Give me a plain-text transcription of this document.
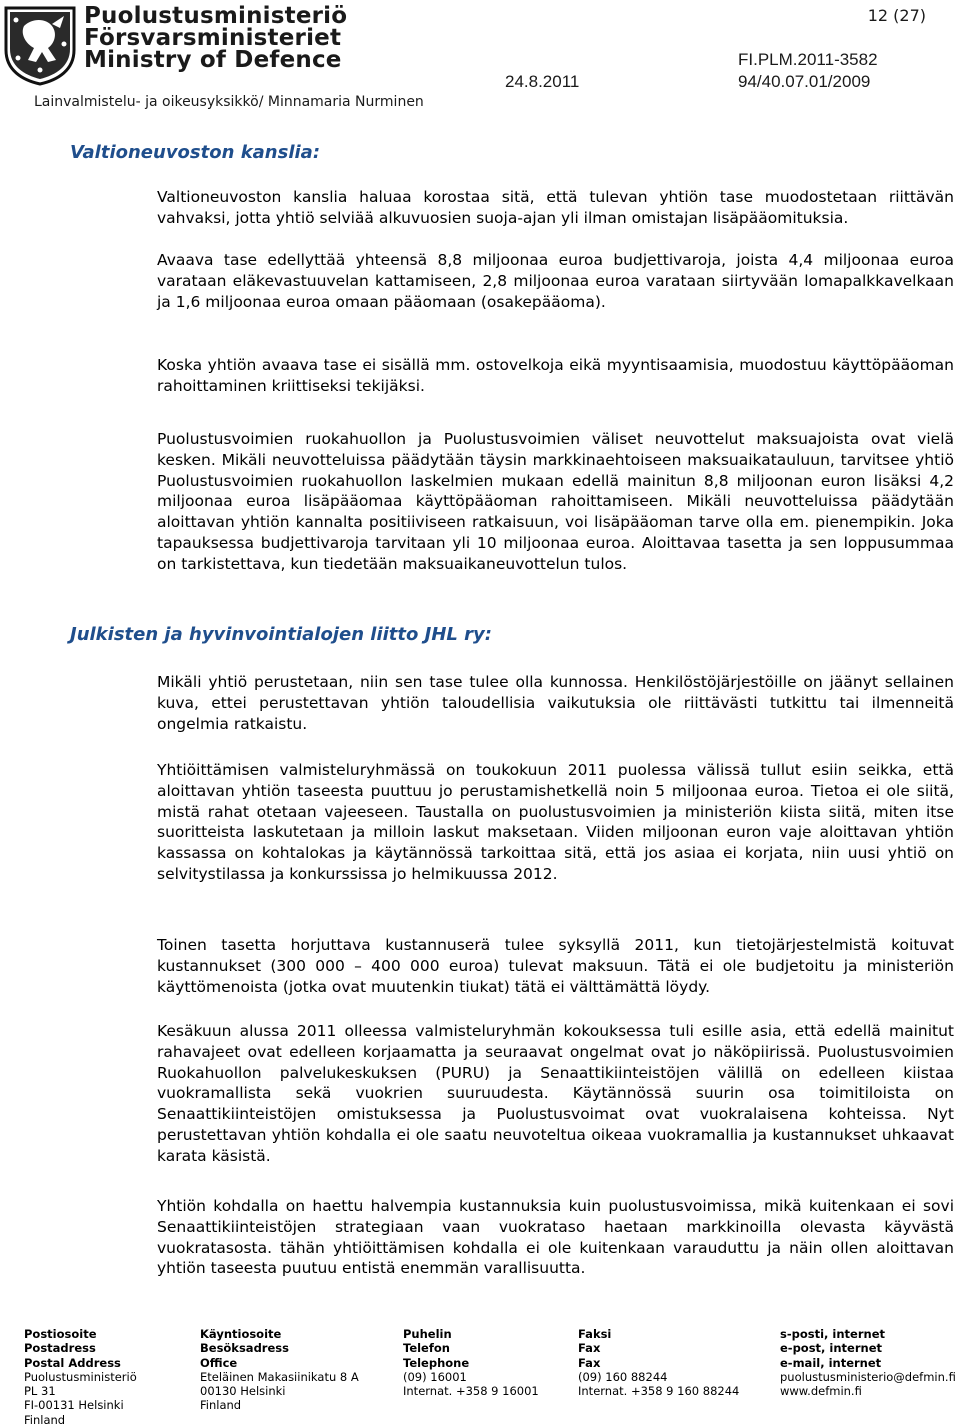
Puolustusministeriö
Försvarsministeriet
Ministry of Defence
12 (27)
FI.PLM.2011-3582
24.8.2011	94/40.07.01/2009
Lainvalmistelu- ja oikeusyksikkö/ Minnamaria Nurminen
Valtioneuvoston kanslia:

Valtioneuvoston kanslia haluaa korostaa sitä, että tulevan yhtiön tase muodostetaan riittävän vahvaksi, jotta yhtiö selviää alkuvuosien suoja-ajan yli ilman omistajan lisäpääomituksia.

Avaava tase edellyttää yhteensä 8,8 miljoonaa euroa budjettivaroja, joista 4,4 miljoonaa euroa varataan eläkevastuuvelan kattamiseen, 2,8 miljoonaa euroa varataan siirtyvään lomapalkkavelkaan ja 1,6 miljoonaa euroa omaan pääomaan (osakepääoma).

Koska yhtiön avaava tase ei sisällä mm. ostovelkoja eikä myyntisaamisia, muodostuu käyttöpääoman rahoittaminen kriittiseksi tekijäksi.

Puolustusvoimien ruokahuollon ja Puolustusvoimien väliset neuvottelut maksuajoista ovat vielä kesken. Mikäli neuvotteluissa päädytään täysin markkinaehtoiseen maksuaikatauluun, tarvitsee yhtiö Puolustusvoimien ruokahuollon laskelmien mukaan edellä mainitun 8,8 miljoonan euron lisäksi 4,2 miljoonaa euroa lisäpääomaa käyttöpääoman rahoittamiseen. Mikäli neuvotteluissa päädytään aloittavan yhtiön kannalta positiiviseen ratkaisuun, voi lisäpääoman tarve olla em. pienempikin. Joka tapauksessa budjettivaroja tarvitaan yli 10 miljoonaa euroa. Aloittavaa tasetta ja sen loppusummaa on tarkistettava, kun tiedetään maksuaikaneuvottelun tulos.

Julkisten ja hyvinvointialojen liitto JHL ry:

Mikäli yhtiö perustetaan, niin sen tase tulee olla kunnossa. Henkilöstöjärjestöille on jäänyt sellainen kuva, ettei perustettavan yhtiön taloudellisia vaikutuksia ole riittävästi tutkittu tai ilmenneitä ongelmia ratkaistu.

Yhtiöittämisen valmisteluryhmässä on toukokuun 2011 puolessa välissä tullut esiin seikka, että aloittavan yhtiön taseesta puuttuu jo perustamishetkellä noin 5 miljoonaa euroa. Tietoa ei ole siitä, mistä rahat otetaan vajeeseen. Taustalla on puolustusvoimien ja ministeriön kiista siitä, miten itse suoritteista laskutetaan ja milloin laskut maksetaan. Viiden miljoonan euron vaje aloittavan yhtiön kassassa on kohtalokas ja käytännössä tarkoittaa sitä, että jos asiaa ei korjata, niin uusi yhtiö on selvitystilassa ja konkurssissa jo helmikuussa 2012.

Toinen tasetta horjuttava kustannuserä tulee syksyllä 2011, kun tietojärjestelmistä koituvat kustannukset (300 000 – 400 000 euroa) tulevat maksuun. Tätä ei ole budjetoitu ja ministeriön käyttömenoista (jotka ovat muutenkin tiukat) tätä ei välttämättä löydy.

Kesäkuun alussa 2011 olleessa valmisteluryhmän kokouksessa tuli esille asia, että edellä mainitut rahavajeet ovat edelleen korjaamatta ja seuraavat ongelmat ovat jo näköpiirissä. Puolustusvoimien Ruokahuollon palvelukeskuksen (PURU) ja Senaattikiinteistöjen välillä on edelleen kiistaa vuokramallista sekä vuokrien suuruudesta. Käytännössä suurin osa toimitiloista on Senaattikiinteistöjen omistuksessa ja Puolustusvoimat ovat vuokralaisena kohteissa. Nyt perustettavan yhtiön kohdalla ei ole saatu neuvoteltua oikeaa vuokramallia ja kustannukset uhkaavat karata käsistä.

Yhtiön kohdalla on haettu halvempia kustannuksia kuin puolustusvoimissa, mikä kuitenkaan ei sovi Senaattikiinteistöjen strategiaan vaan vuokrataso haetaan markkinoilla olevasta käyvästä vuokratasosta. tähän yhtiöittämisen kohdalla ei ole kuitenkaan varauduttu ja näin ollen aloittavan yhtiön taseesta puutuu entistä enemmän varallisuutta.

Postiosoite
Postadress
Postal Address
Puolustusministeriö
PL 31
FI-00131 Helsinki
Finland
Käyntiosoite
Besöksadress
Office
Eteläinen Makasiinikatu 8 A
00130 Helsinki
Finland
Puhelin
Telefon
Telephone
(09) 16001
Internat. +358 9 16001
Faksi
Fax
Fax
(09) 160 88244
Internat. +358 9 160 88244
s-posti, internet
e-post, internet
e-mail, internet
puolustusministerio@defmin.fi
www.defmin.fi
